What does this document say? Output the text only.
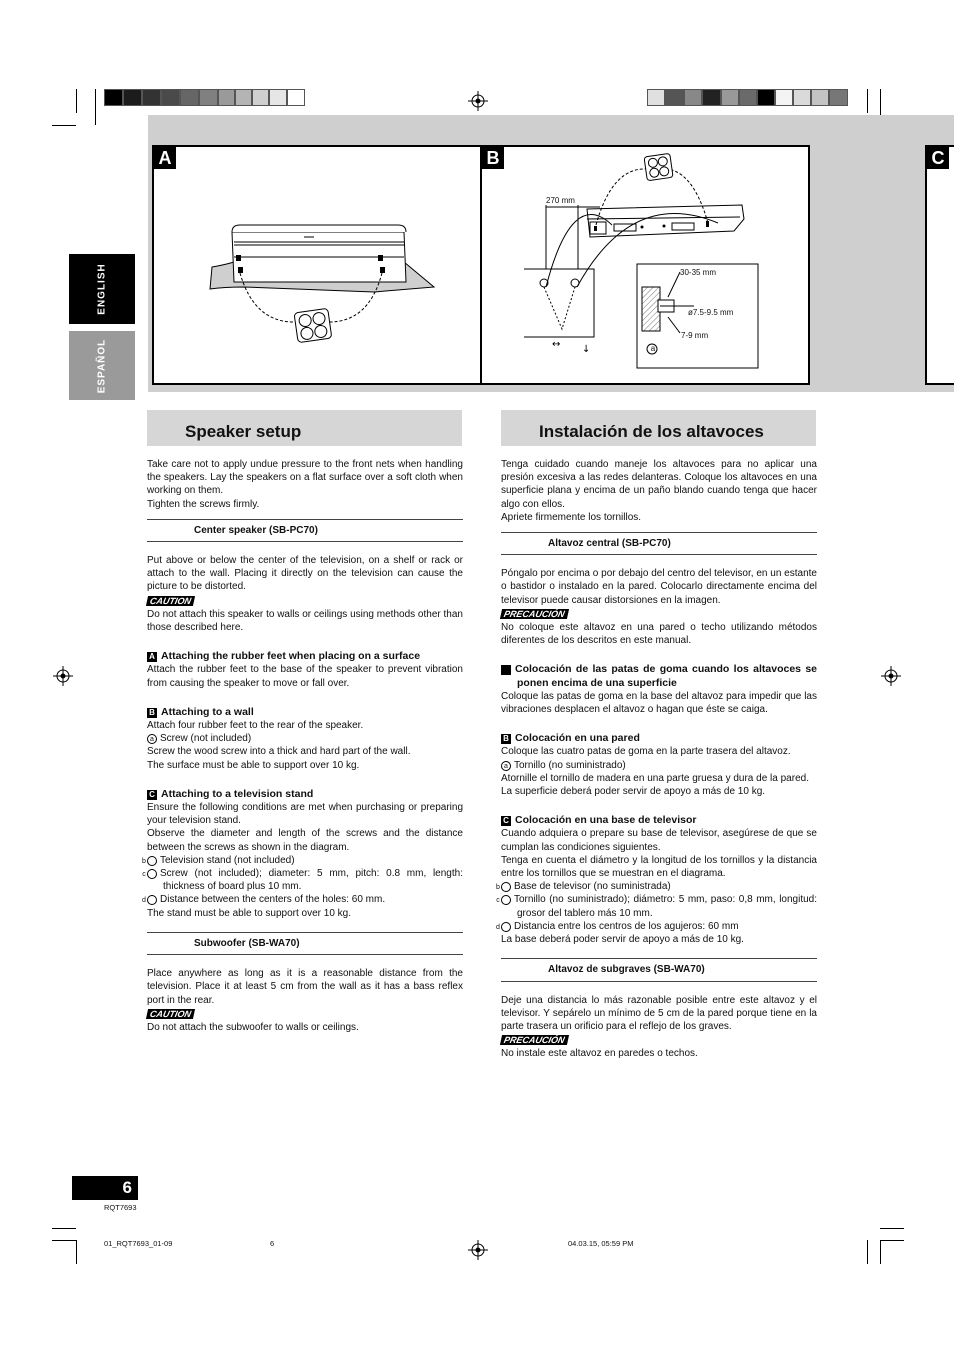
ENGLISH
ESPAÑOL
A	B
↔ ↓
270 mm
30-35 mm
ø7.5-9.5 mm
7-9 mm
a
C
Speaker setup	Instalación de los altavoces

Take care not to apply undue pressure to the front nets when handling the speakers. Lay the speakers on a flat surface over a soft cloth when working on them.

Tighten the screws firmly.

Center speaker (SB-PC70)

Put above or below the center of the television, on a shelf or rack or attach to the wall. Placing it directly on the television can cause the picture to be distorted.

CAUTION

Do not attach this speaker to walls or ceilings using methods other than those described here.

A Attaching the rubber feet when placing on a surface

Attach the rubber feet to the base of the speaker to prevent vibration from causing the speaker to move or fall over.

B Attaching to a wall

Attach four rubber feet to the rear of the speaker.

a Screw (not included)

Screw the wood screw into a thick and hard part of the wall.

The surface must be able to support over 10 kg.

C Attaching to a television stand

Ensure the following conditions are met when purchasing or preparing your television stand.

Observe the diameter and length of the screws and the distance between the screws as shown in the diagram.

b Television stand (not included)

c Screw (not included); diameter: 5 mm, pitch: 0.8 mm, length: thickness of board plus 10 mm.

d Distance between the centers of the holes: 60 mm.

The stand must be able to support over 10 kg.

Subwoofer (SB-WA70)

Place anywhere as long as it is a reasonable distance from the television. Place it at least 5 cm from the wall as it has a bass reflex port in the rear.

CAUTION

Do not attach the subwoofer to walls or ceilings.

Tenga cuidado cuando maneje los altavoces para no aplicar una presión excesiva a las redes delanteras. Coloque los altavoces en una superficie plana y encima de un paño blando cuando tenga que hacer algo con ellos.

Apriete firmemente los tornillos.

Altavoz central (SB-PC70)

Póngalo por encima o por debajo del centro del televisor, en un estante o bastidor o instalado en la pared. Colocarlo directamente encima del televisor puede causar distorsiones en la imagen.

PRECAUCIÓN

No coloque este altavoz en una pared o techo utilizando métodos diferentes de los descritos en este manual.

A Colocación de las patas de goma cuando los altavoces se ponen encima de una superficie

Coloque las patas de goma en la base del altavoz para impedir que las vibraciones desplacen el altavoz o hagan que éste se caiga.

B Colocación en una pared

Coloque las cuatro patas de goma en la parte trasera del altavoz.

a Tornillo (no suministrado)

Atornille el tornillo de madera en una parte gruesa y dura de la pared.

La superficie deberá poder servir de apoyo a más de 10 kg.

C Colocación en una base de televisor

Cuando adquiera o prepare su base de televisor, asegúrese de que se cumplan las condiciones siguientes.

Tenga en cuenta el diámetro y la longitud de los tornillos y la distancia entre los tornillos que se muestran en el diagrama.

b Base de televisor (no suministrada)

c Tornillo (no suministrado); diámetro: 5 mm, paso: 0,8 mm, longitud: grosor del tablero más 10 mm.

d Distancia entre los centros de los agujeros: 60 mm

La base deberá poder servir de apoyo a más de 10 kg.

Altavoz de subgraves (SB-WA70)

Deje una distancia lo más razonable posible entre este altavoz y el televisor. Y sepárelo un mínimo de 5 cm de la pared porque tiene en la parte trasera un orificio para el reflejo de los graves.

PRECAUCIÓN

No instale este altavoz en paredes o techos.

6
RQT7693
01_RQT7693_01-09	6	04.03.15, 05:59 PM
